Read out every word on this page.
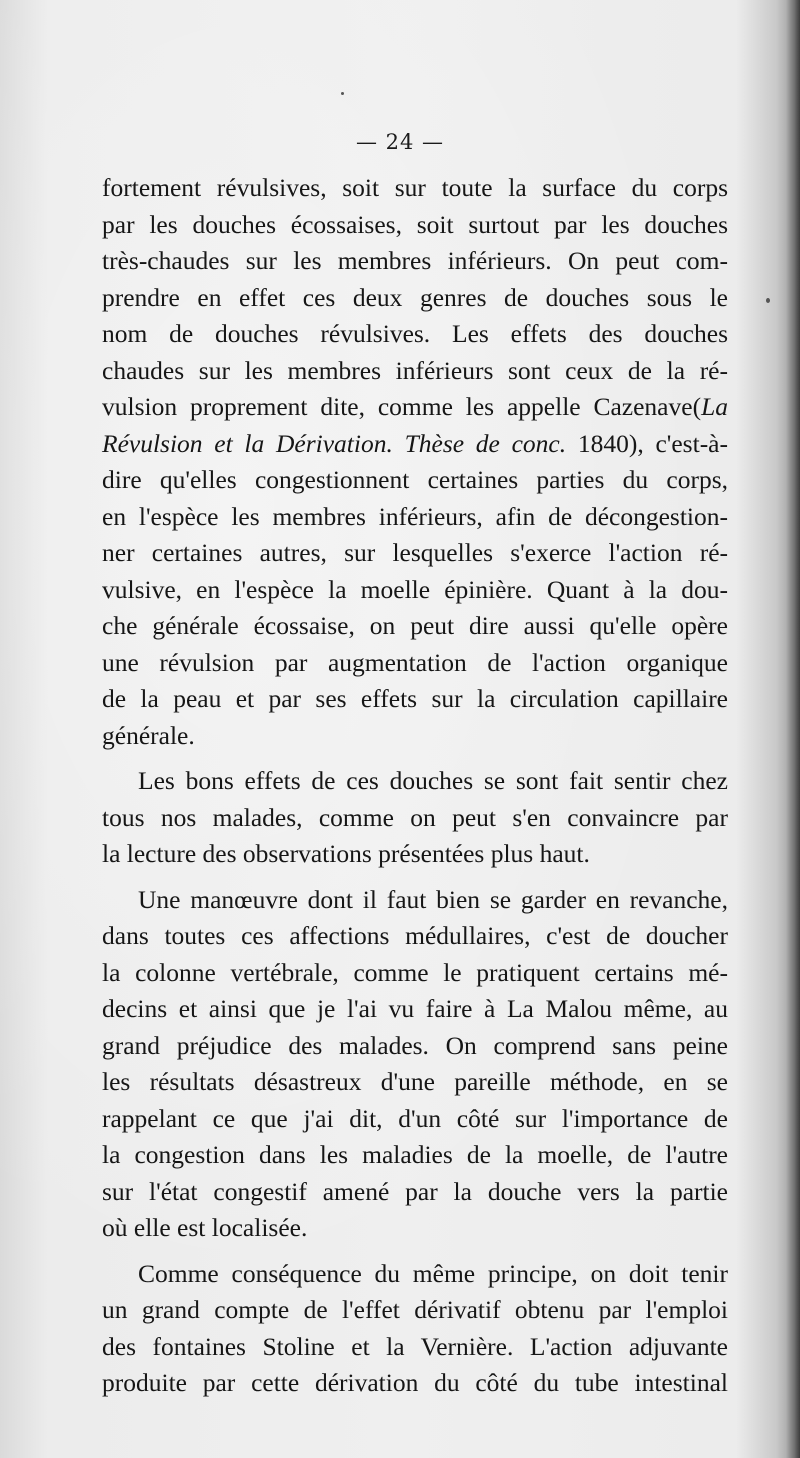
— 24 —

fortement révulsives, soit sur toute la surface du corps
par les douches écossaises, soit surtout par les douches
très-chaudes sur les membres inférieurs. On peut com-
prendre en effet ces deux genres de douches sous le
nom de douches révulsives. Les effets des douches
chaudes sur les membres inférieurs sont ceux de la ré-
vulsion proprement dite, comme les appelle Cazenave(La
Révulsion et la Dérivation. Thèse de conc. 1840), c'est-à-
dire qu'elles congestionnent certaines parties du corps,
en l'espèce les membres inférieurs, afin de décongestion-
ner certaines autres, sur lesquelles s'exerce l'action ré-
vulsive, en l'espèce la moelle épinière. Quant à la dou-
che générale écossaise, on peut dire aussi qu'elle opère
une révulsion par augmentation de l'action organique
de la peau et par ses effets sur la circulation capillaire
générale.

Les bons effets de ces douches se sont fait sentir chez
tous nos malades, comme on peut s'en convaincre par
la lecture des observations présentées plus haut.

Une manœuvre dont il faut bien se garder en revanche,
dans toutes ces affections médullaires, c'est de doucher
la colonne vertébrale, comme le pratiquent certains mé-
decins et ainsi que je l'ai vu faire à La Malou même, au
grand préjudice des malades. On comprend sans peine
les résultats désastreux d'une pareille méthode, en se
rappelant ce que j'ai dit, d'un côté sur l'importance de
la congestion dans les maladies de la moelle, de l'autre
sur l'état congestif amené par la douche vers la partie
où elle est localisée.

Comme conséquence du même principe, on doit tenir
un grand compte de l'effet dérivatif obtenu par l'emploi
des fontaines Stoline et la Vernière. L'action adjuvante
produite par cette dérivation du côté du tube intestinal
